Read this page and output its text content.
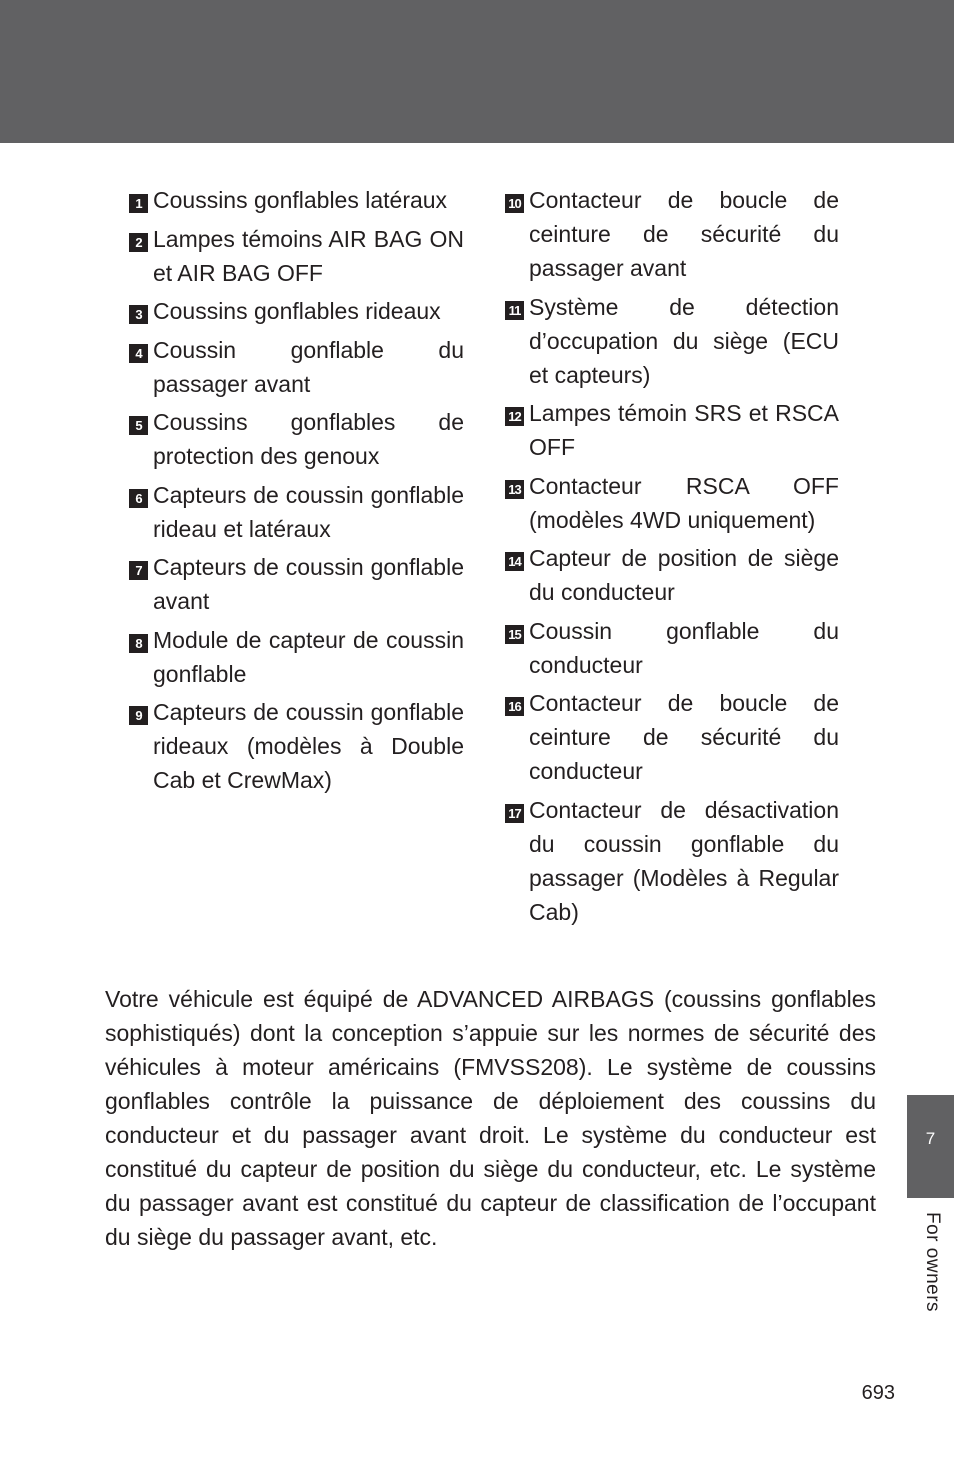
1 Coussins gonflables latéraux
2 Lampes témoins AIR BAG ON et AIR BAG OFF
3 Coussins gonflables rideaux
4 Coussin gonflable du passager avant
5 Coussins gonflables de protection des genoux
6 Capteurs de coussin gonflable rideau et latéraux
7 Capteurs de coussin gonflable avant
8 Module de capteur de coussin gonflable
9 Capteurs de coussin gonflable rideaux (modèles à Double Cab et CrewMax)
10 Contacteur de boucle de ceinture de sécurité du passager avant
11 Système de détection d’occupation du siège (ECU et capteurs)
12 Lampes témoin SRS et RSCA OFF
13 Contacteur RSCA OFF (modèles 4WD uniquement)
14 Capteur de position de siège du conducteur
15 Coussin gonflable du conducteur
16 Contacteur de boucle de ceinture de sécurité du conducteur
17 Contacteur de désactivation du coussin gonflable du passager (Modèles à Regular Cab)

Votre véhicule est équipé de ADVANCED AIRBAGS (coussins gonflables sophistiqués) dont la conception s’appuie sur les normes de sécurité des véhicules à moteur américains (FMVSS208). Le système de coussins gonflables contrôle la puissance de déploiement des coussins du conducteur et du passager avant droit. Le système du conducteur est constitué du capteur de position du siège du conducteur, etc. Le système du passager avant est constitué du capteur de classification de l’occupant du siège du passager avant, etc.

7
For owners
693
